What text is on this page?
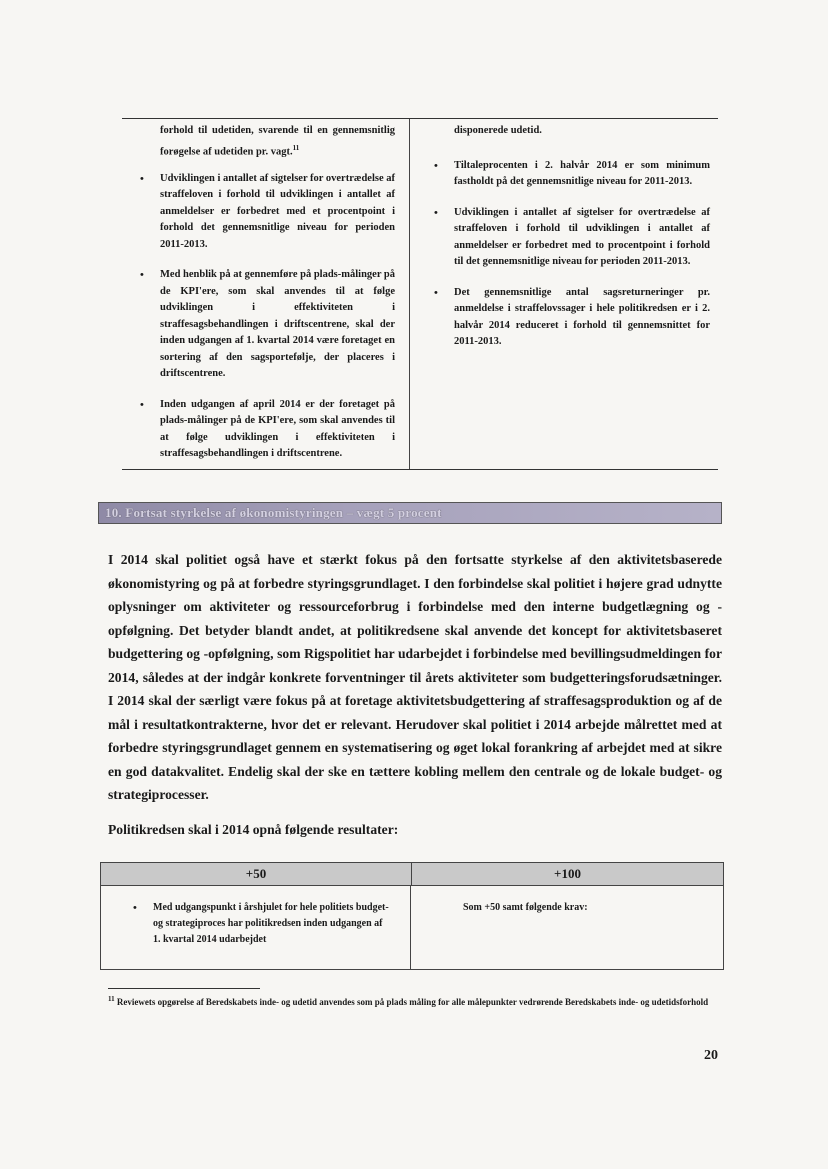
forhold til udetiden, svarende til en gennemsnitlig forøgelse af udetiden pr. vagt.$^{11}$

• Udviklingen i antallet af sigtelser for overtrædelse af straffeloven i forhold til udviklingen i antallet af anmeldelser er forbedret med et procentpoint i forhold det gennemsnitlige niveau for perioden 2011-2013.
• Med henblik på at gennemføre på plads-målinger på de KPI'ere, som skal anvendes til at følge udviklingen i effektiviteten i straffesagsbehandlingen i driftscentrene, skal der inden udgangen af 1. kvartal 2014 være foretaget en sortering af den sagsportefølje, der placeres i driftscentrene.
• Inden udgangen af april 2014 er der foretaget på plads-målinger på de KPI'ere, som skal anvendes til at følge udviklingen i effektiviteten i straffesagsbehandlingen i driftscentrene.

disponerede udetid.

• Tiltaleprocenten i 2. halvår 2014 er som minimum fastholdt på det gennemsnitlige niveau for 2011-2013.
• Udviklingen i antallet af sigtelser for overtrædelse af straffeloven i forhold til udviklingen i antallet af anmeldelser er forbedret med to procentpoint i forhold til det gennemsnitlige niveau for perioden 2011-2013.
• Det gennemsnitlige antal sagsreturneringer pr. anmeldelse i straffelovssager i hele politikredsen er i 2. halvår 2014 reduceret i forhold til gennemsnittet for 2011-2013.
10. Fortsat styrkelse af økonomistyringen – vægt 5 procent

I 2014 skal politiet også have et stærkt fokus på den fortsatte styrkelse af den aktivitetsbaserede økonomistyring og på at forbedre styringsgrundlaget. I den forbindelse skal politiet i højere grad udnytte oplysninger om aktiviteter og ressourceforbrug i forbindelse med den interne budgetlægning og -opfølgning. Det betyder blandt andet, at politikredsene skal anvende det koncept for aktivitetsbaseret budgettering og -opfølgning, som Rigspolitiet har udarbejdet i forbindelse med bevillingsudmeldingen for 2014, således at der indgår konkrete forventninger til årets aktiviteter som budgetteringsforudsætninger. I 2014 skal der særligt være fokus på at foretage aktivitetsbudgettering af straffesagsproduktion og af de mål i resultatkontrakterne, hvor det er relevant. Herudover skal politiet i 2014 arbejde målrettet med at forbedre styringsgrundlaget gennem en systematisering og øget lokal forankring af arbejdet med at sikre en god datakvalitet. Endelig skal der ske en tættere kobling mellem den centrale og de lokale budget- og strategiprocesser.

Politikredsen skal i 2014 opnå følgende resultater:

+50	+100
• Med udgangspunkt i årshjulet for hele politiets budget- og strategiproces har politikredsen inden udgangen af 1. kvartal 2014 udarbejdet
Som +50 samt følgende krav:

$^{11}$ Reviewets opgørelse af Beredskabets inde- og udetid anvendes som på plads måling for alle målepunkter vedrørende Beredskabets inde- og udetidsforhold

20
